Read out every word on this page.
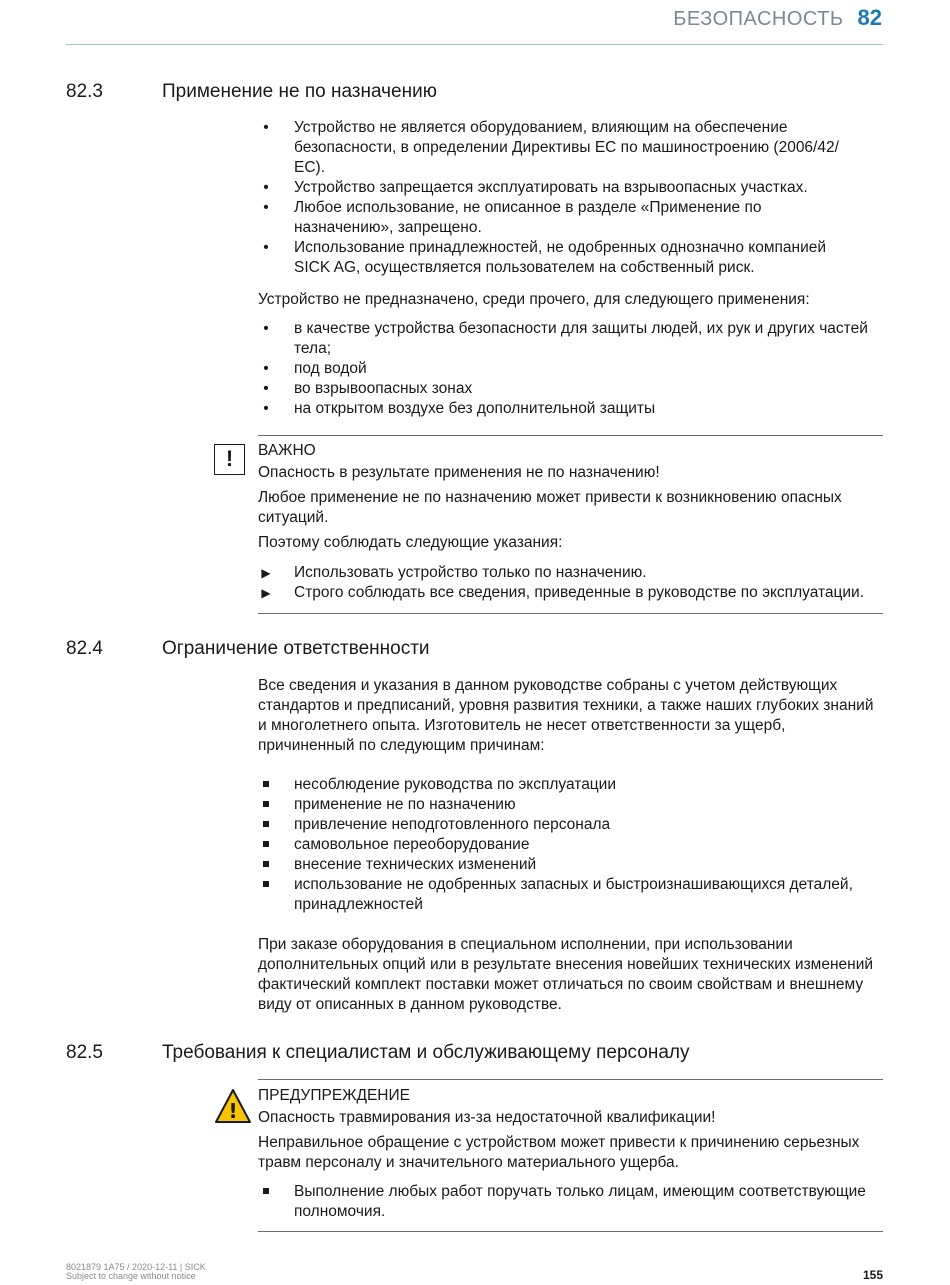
БЕЗОПАСНОСТЬ 82
82.3	Применение не по назначению
• Устройство не является оборудованием, влияющим на обеспечение безопасности, в определении Директивы ЕС по машиностроению (2006/42/ЕС).
• Устройство запрещается эксплуатировать на взрывоопасных участках.
• Любое использование, не описанное в разделе «Применение по назначению», запрещено.
• Использование принадлежностей, не одобренных однозначно компанией SICK AG, осуществляется пользователем на собственный риск.

Устройство не предназначено, среди прочего, для следующего применения:

• в качестве устройства безопасности для защиты людей, их рук и других частей тела;
• под водой
• во взрывоопасных зонах
• на открытом воздухе без дополнительной защиты
!	ВАЖНО

Опасность в результате применения не по назначению!

Любое применение не по назначению может привести к возникновению опасных ситуаций.

Поэтому соблюдать следующие указания:

▶
Использовать устройство только по назначению.
▶
Строго соблюдать все сведения, приведенные в руководстве по эксплуатации.
82.4	Ограничение ответственности

Все сведения и указания в данном руководстве собраны с учетом действующих стандартов и предписаний, уровня развития техники, а также наших глубоких знаний и многолетнего опыта. Изготовитель не несет ответственности за ущерб, причиненный по следующим причинам:

несоблюдение руководства по эксплуатации
применение не по назначению
привлечение неподготовленного персонала
самовольное переоборудование
внесение технических изменений
использование не одобренных запасных и быстроизнашивающихся деталей, принадлежностей

При заказе оборудования в специальном исполнении, при использовании дополнительных опций или в результате внесения новейших технических изменений фактический комплект поставки может отличаться по своим свойствам и внешнему виду от описанных в данном руководстве.

82.5	Требования к специалистам и обслуживающему персоналу
!

ПРЕДУПРЕЖДЕНИЕ

Опасность травмирования из-за недостаточной квалификации!

Неправильное обращение с устройством может привести к причинению серьезных травм персоналу и значительного материального ущерба.

Выполнение любых работ поручать только лицам, имеющим соответствующие полномочия.
8021879 1A75 / 2020-12-11 | SICK
Subject to change without notice	155
